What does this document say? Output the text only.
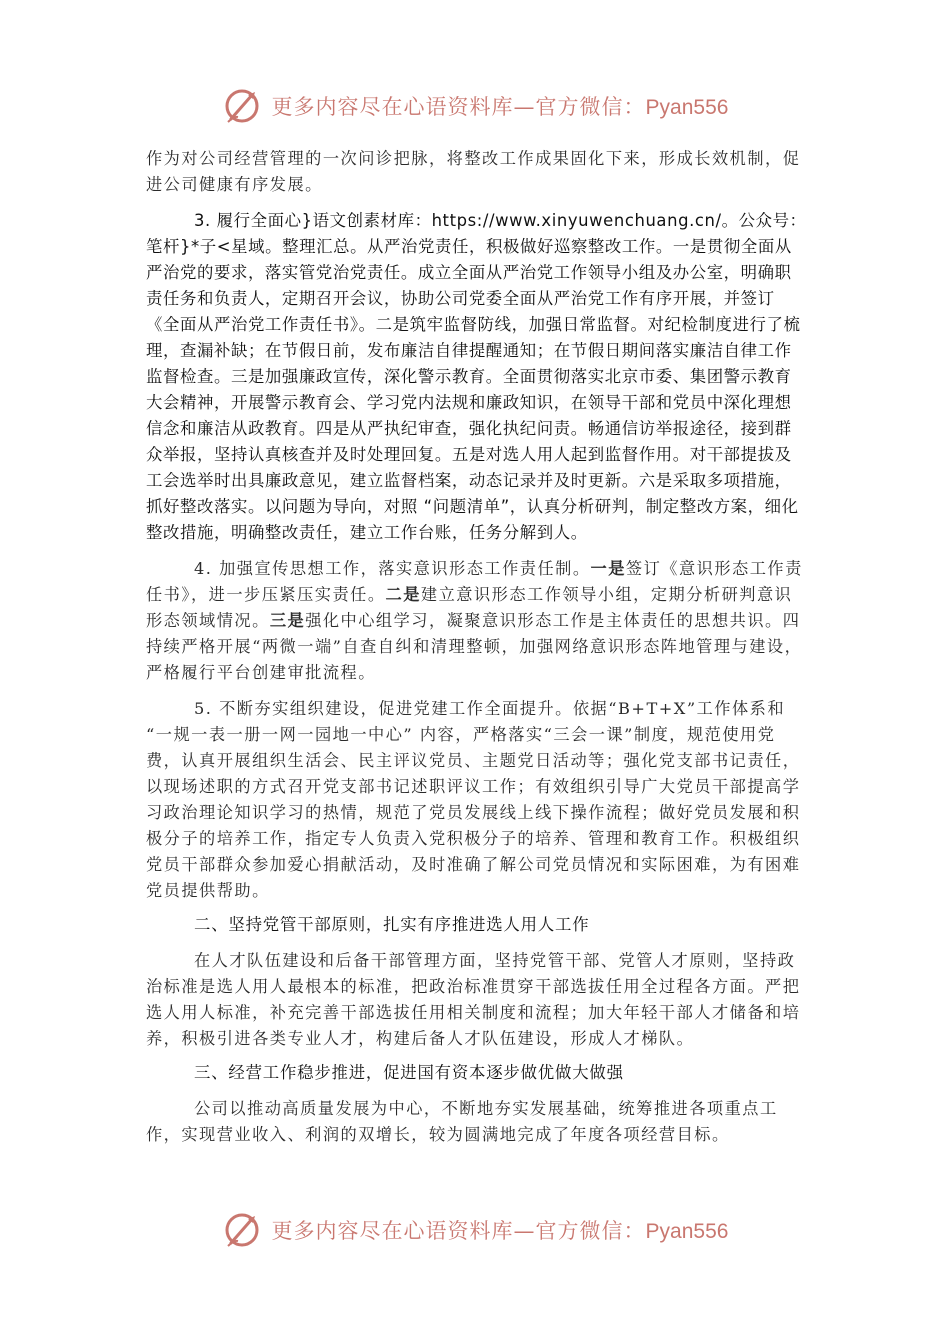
更多内容尽在心语资料库—官方微信：Pyan556

作为对公司经营管理的一次问诊把脉，将整改工作成果固化下来，形成长效机制，促进公司健康有序发展。

3. 履行全面心}语文创素材库：https://www.xinyuwenchuang.cn/。公众号：笔杆}*子<星域。整理汇总。从严治党责任，积极做好巡察整改工作。一是贯彻全面从严治党的要求，落实管党治党责任。成立全面从严治党工作领导小组及办公室，明确职责任务和负责人，定期召开会议，协助公司党委全面从严治党工作有序开展，并签订《全面从严治党工作责任书》。二是筑牢监督防线，加强日常监督。对纪检制度进行了梳理，查漏补缺；在节假日前，发布廉洁自律提醒通知；在节假日期间落实廉洁自律工作监督检查。三是加强廉政宣传，深化警示教育。全面贯彻落实北京市委、集团警示教育大会精神，开展警示教育会、学习党内法规和廉政知识，在领导干部和党员中深化理想信念和廉洁从政教育。四是从严执纪审查，强化执纪问责。畅通信访举报途径，接到群众举报，坚持认真核查并及时处理回复。五是对选人用人起到监督作用。对干部提拔及工会选举时出具廉政意见，建立监督档案，动态记录并及时更新。六是采取多项措施，抓好整改落实。以问题为导向，对照 “问题清单”，认真分析研判，制定整改方案，细化整改措施，明确整改责任，建立工作台账，任务分解到人。

4. 加强宣传思想工作，落实意识形态工作责任制。一是签订《意识形态工作责任书》，进一步压紧压实责任。二是建立意识形态工作领导小组，定期分析研判意识形态领域情况。三是强化中心组学习，凝聚意识形态工作是主体责任的思想共识。四持续严格开展“两微一端”自查自纠和清理整顿，加强网络意识形态阵地管理与建设，严格履行平台创建审批流程。

5. 不断夯实组织建设，促进党建工作全面提升。依据“B+T+X”工作体系和 “一规一表一册一网一园地一中心” 内容，严格落实“三会一课”制度，规范使用党费，认真开展组织生活会、民主评议党员、主题党日活动等；强化党支部书记责任，以现场述职的方式召开党支部书记述职评议工作；有效组织引导广大党员干部提高学习政治理论知识学习的热情，规范了党员发展线上线下操作流程；做好党员发展和积极分子的培养工作，指定专人负责入党积极分子的培养、管理和教育工作。积极组织党员干部群众参加爱心捐献活动，及时准确了解公司党员情况和实际困难，为有困难党员提供帮助。

二、坚持党管干部原则，扎实有序推进选人用人工作

在人才队伍建设和后备干部管理方面，坚持党管干部、党管人才原则，坚持政治标准是选人用人最根本的标准，把政治标准贯穿干部选拔任用全过程各方面。严把选人用人标准，补充完善干部选拔任用相关制度和流程；加大年轻干部人才储备和培养，积极引进各类专业人才，构建后备人才队伍建设，形成人才梯队。

三、经营工作稳步推进，促进国有资本逐步做优做大做强

公司以推动高质量发展为中心，不断地夯实发展基础，统筹推进各项重点工作，实现营业收入、利润的双增长，较为圆满地完成了年度各项经营目标。

更多内容尽在心语资料库—官方微信：Pyan556
